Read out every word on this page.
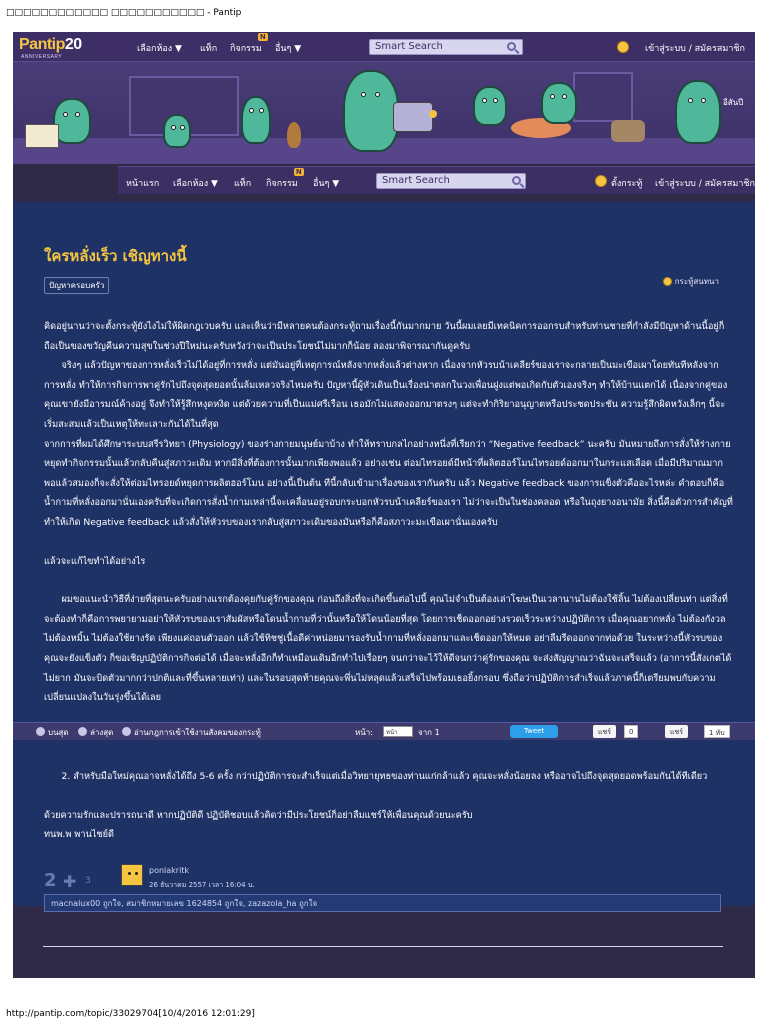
□□□□□□□□□□□□ □□□□□□□□□□□ - Pantip
Pantip20
ANNIVERSARY
เลือกห้อง ▼ แท็ก กิจกรรม
N
อื่นๆ ▼	Smart Search	เข้าสู่ระบบ / สมัครสมาชิก
อีสันปี
หน้าแรก เลือกห้อง ▼ แท็ก กิจกรรม
N
อื่นๆ ▼	Smart Search	ตั้งกระทู้ เข้าสู่ระบบ / สมัครสมาชิก
ใครหลั่งเร็ว เชิญทางนี้
ปัญหาครอบครัว	กระทู้สนทนา

คิดอยู่นานว่าจะตั้งกระทู้ยังไงไม่ให้ผิดกฎเวบครับ และเห็นว่ามีหลายคนต้องกระทู้ถามเรื่องนี้กันมากมาย วันนี้ผมเลยมีเทคนิคการออกรบสำหรับท่านชายที่กำลังมีปัญหาด้านนี้อยู่ก็ถือเป็นของขวัญคืนความสุขในช่วงปีใหม่นะครับหวังว่าจะเป็นประโยชน์ไม่มากก็น้อย ลองมาพิจารณากันดูครับ

จริงๆ แล้วปัญหาของการหลั่งเร็วไม่ได้อยู่ที่การหลั่ง แต่มันอยู่ที่เหตุการณ์หลังจากหลั่งแล้วต่างหาก เนื่องจากหัวรบน้าเคลียร์ของเราจะกลายเป็นมะเขือเผาโดยทันทีหลังจากการหลั่ง ทำให้การกิจการพาคู่รักไปถึงจุดสุดยอดนั้นล้มเหลวจริงไหมครับ ปัญหานี้ผู้หัวเดินเป็นเรื่องน่าตลกในวงเพื่อนฝูงแต่พอเกิดกับตัวเองจริงๆ ทำให้บ้านแตกได้ เนื่องจากคู่ของคุณเขายังมีอารมณ์ค้างอยู่ จึงทำให้รู้สึกหงุดหงิด แต่ด้วยความที่เป็นแม่ศรีเรือน เธอมักไม่แสดงออกมาตรงๆ แต่จะทำกิริยาอนุญาตหรือประชดประชัน ความรู้สึกผิดหวังเล็กๆ นี้จะเริ่มสะสมแล้วเป็นเหตุให้ทะเลาะกันได้ในที่สุด

จากการที่ผมได้ศึกษาระบบสรีรวิทยา (Physiology) ของร่างกายมนุษย์มาบ้าง ทำให้ทราบกลไกอย่างหนึ่งที่เรียกว่า “Negative feedback” นะครับ มันหมายถึงการสั่งให้ร่างกายหยุดทำกิจกรรมนั้นแล้วกลับคืนสู่สภาวะเดิม หากมีสิ่งที่ต้องการนั้นมากเพียงพอแล้ว อย่างเช่น ต่อมไทรอยด์มีหน้าที่ผลิตฮอร์โมนไทรอยด์ออกมาในกระแสเลือด เมื่อมีปริมาณมากพอแล้วสมองก็จะสั่งให้ต่อมไทรอยด์หยุดการผลิตฮอร์โมน อย่างนี้เป็นต้น ทีนี้กลับเข้ามาเรื่องของเรากันครับ แล้ว Negative feedback ของการแข็งตัวคืออะไรหล่ะ คำตอบก็คือน้ำกามที่หลั่งออกมานั่นเองครับที่จะเกิดการสั่งน้ำกามเหล่านี้จะเคลื่อนอยู่รอบกระบอกหัวรบน้าเคลียร์ของเรา ไม่ว่าจะเป็นในช่องคลอด หรือในถุงยางอนามัย สิ่งนี้คือตัวการสำคัญที่ทำให้เกิด Negative feedback แล้วสั่งให้หัวรบของเรากลับสู่สภาวะเดิมของมันหรือก็คือสภาวะมะเขือเผานั่นเองครับ

แล้วจะแก้ไขทำได้อย่างไร

ผมขอแนะนำวิธีที่ง่ายที่สุดนะครับอย่างแรกต้องคุยกับคู่รักของคุณ ก่อนถึงสิ่งที่จะเกิดขึ้นต่อไปนี้ คุณไม่จำเป็นต้องเล่าโฆษเป็นเวลานานไม่ต้องใช้ลิ้น ไม่ต้องเปลี่ยนท่า แต่สิ่งที่จะต้องทำก็คือการพยายามอย่าให้หัวรบของเราสัมผัสหรือโดนน้ำกามที่ว่านั้นหรือให้โดนน้อยที่สุด โดยการเช็ดออกอย่างรวดเร็วระหว่างปฏิบัติการ เมื่อคุณอยากหลั่ง ไม่ต้องกังวล ไม่ต้องหมิ้น ไม่ต้องใช้ยางรัด เพียงแค่ถอนตัวออก แล้วใช้ทิชชู่เนื้อดีค่าหน่อยมารองรับน้ำกามที่หลั่งออกมาและเช็ดออกให้หมด อย่าลืมรีดออกจากท่อด้วย ในระหว่างนี้หัวรบของคุณจะยังแข็งตัว ก็ขอเชิญปฏิบัติการกิจต่อได้ เมื่อจะหลั่งอีกก็ทำเหมือนเดิมอีกทำไปเรื่อยๆ จนกว่าจะไว้ให้ดีจนกว่าคู่รักของคุณ จะส่งสัญญาณว่าฉันจะเสร็จแล้ว (อาการนี้สังเกตได้ไม่ยาก มันจะบิดตัวมากกว่าปกติและที่ขึ้นหลายเท่า) และในรอบสุดท้ายคุณจะพึ่นไม่หลุดแล้วเสร็จไปพร้อมเธอยิ้งกรอบ ซึ่งถือว่าปฏิบัติการสำเร็จแล้วภาคนี้ก็เตรียมพบกับความเปลี่ยนแปลงในวันรุ่งขึ้นได้เลย

2. สำหรับมือใหม่คุณอาจหลั่งได้ถึง 5-6 ครั้ง กว่าปฏิบัติการจะสำเร็จแต่เมื่อวิทยายุทธของท่านแก่กล้าแล้ว คุณจะหลั่งน้อยลง หรืออาจไปถึงจุดสุดยอดพร้อมกันได้ทีเดียว

ด้วยความรักและปรารถนาดี หากปฏิบัติดี ปฏิบัติชอบแล้วคิดว่ามีประโยชน์ก็อย่าลืมแชร์ให้เพื่อนคุณด้วยนะครับ

ทนพ.พ พานไชย์ดี

บนสุด	ล่างสุด	อ่านกฎการเข้าใช้งานสังคมของกระทู้	หน้า:	หน้า	จาก 1	Tweet	แชร์	0	แชร์	1 หับ
2 ✚ 3
ponlakritk
26 ธันวาคม 2557 เวลา 16:04 น.
macnalux00 ถูกใจ, สมาชิกหมายเลข 1624854 ถูกใจ, zazazola_ha ถูกใจ
http://pantip.com/topic/33029704[10/4/2016 12:01:29]
